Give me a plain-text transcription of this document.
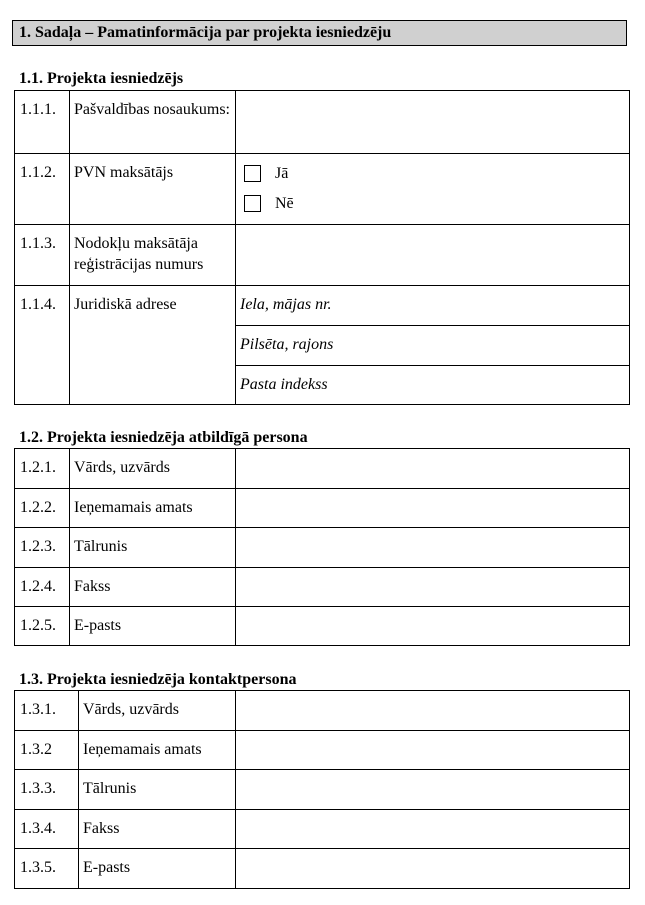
1. Sadaļa – Pamatinformācija par projekta iesniedzēju
1.1. Projekta iesniedzējs
1.1.1.	Pašvaldības nosaukums:	
1.1.2.	PVN maksātājs	Jā
Nē

1.1.3.	Nodokļu maksātāja reģistrācijas numurs	
1.1.4.	Juridiskā adrese	Iela, mājas nr.
		Pilsēta, rajons
		Pasta indekss
1.2. Projekta iesniedzēja atbildīgā persona
1.2.1.	Vārds, uzvārds	
1.2.2.	Ieņemamais amats	
1.2.3.	Tālrunis	
1.2.4.	Fakss	
1.2.5.	E-pasts	
1.3. Projekta iesniedzēja kontaktpersona
1.3.1.	Vārds, uzvārds	
1.3.2	Ieņemamais amats	
1.3.3.	Tālrunis	
1.3.4.	Fakss	
1.3.5.	E-pasts	
